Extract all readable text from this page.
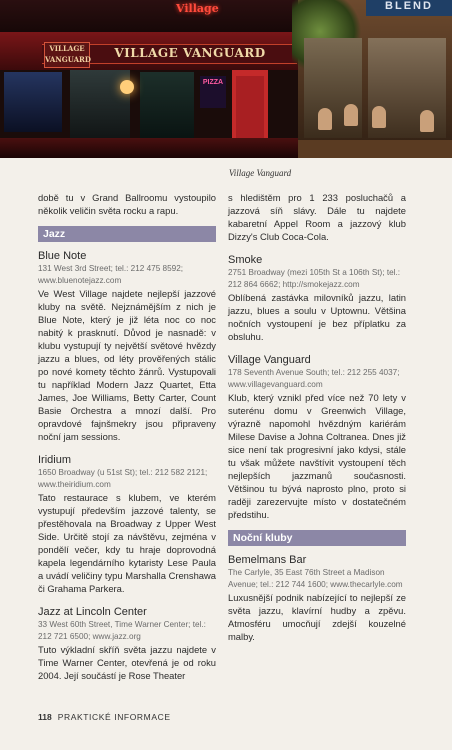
Village
VILLAGE VANGUARD	VILLAGE VANGUARD
PIZZA
BLEND
Village Vanguard

době tu v Grand Ballroomu vystoupilo několik veličin světa rocku a rapu.

Jazz

Blue Note

131 West 3rd Street; tel.: 212 475 8592; www.bluenotejazz.com

Ve West Village najdete nejlepší jazzové kluby na světě. Nejznámějším z nich je Blue Note, který je již léta noc co noc nabitý k prasknutí. Důvod je nasnadě: v klubu vystupují ty největší světové hvězdy jazzu a blues, od léty prověřených stálic po nové komety těchto žánrů. Vystupovali tu například Modern Jazz Quartet, Etta James, Joe Williams, Betty Carter, Count Basie Orchestra a mnozí další. Pro opravdové fajnšmekry jsou připraveny noční jam sessions.

Iridium

1650 Broadway (u 51st St); tel.: 212 582 2121; www.theiridium.com

Tato restaurace s klubem, ve kterém vystupují především jazzové talenty, se přestěhovala na Broadway z Upper West Side. Určitě stojí za návštěvu, zejména v pondělí večer, kdy tu hraje doprovodná kapela legendárního kytaristy Lese Paula a uvádí veličiny typu Marshalla Crenshawa či Grahama Parkera.

Jazz at Lincoln Center

33 West 60th Street, Time Warner Center; tel.: 212 721 6500; www.jazz.org

Tuto výkladní skříň světa jazzu najdete v Time Warner Center, otevřená je od roku 2004. Její součástí je Rose Theater

s hledištěm pro 1 233 posluchačů a jazzová síň slávy. Dále tu najdete kabaretní Appel Room a jazzový klub Dizzy's Club Coca-Cola.

Smoke

2751 Broadway (mezi 105th St a 106th St); tel.: 212 864 6662; http://smokejazz.com

Oblíbená zastávka milovníků jazzu, latin jazzu, blues a soulu v Uptownu. Většina nočních vystoupení je bez příplatku za obsluhu.

Village Vanguard

178 Seventh Avenue South; tel.: 212 255 4037; www.villagevanguard.com

Klub, který vznikl před více než 70 lety v suterénu domu v Greenwich Village, výrazně napomohl hvězdným kariérám Milese Davise a Johna Coltranea. Dnes již sice není tak progresivní jako kdysi, stále tu však můžete navštívit vystoupení těch nejlepších jazzmanů současnosti. Většinou tu bývá naprosto plno, proto si raději zarezervujte místo v dostatečném předstihu.

Noční kluby

Bemelmans Bar

The Carlyle, 35 East 76th Street a Madison Avenue; tel.: 212 744 1600; www.thecarlyle.com

Luxusnější podnik nabízející to nejlepší ze světa jazzu, klavírní hudby a zpěvu. Atmosféru umocňují zdejší kouzelné malby.

118 PRAKTICKÉ INFORMACE
